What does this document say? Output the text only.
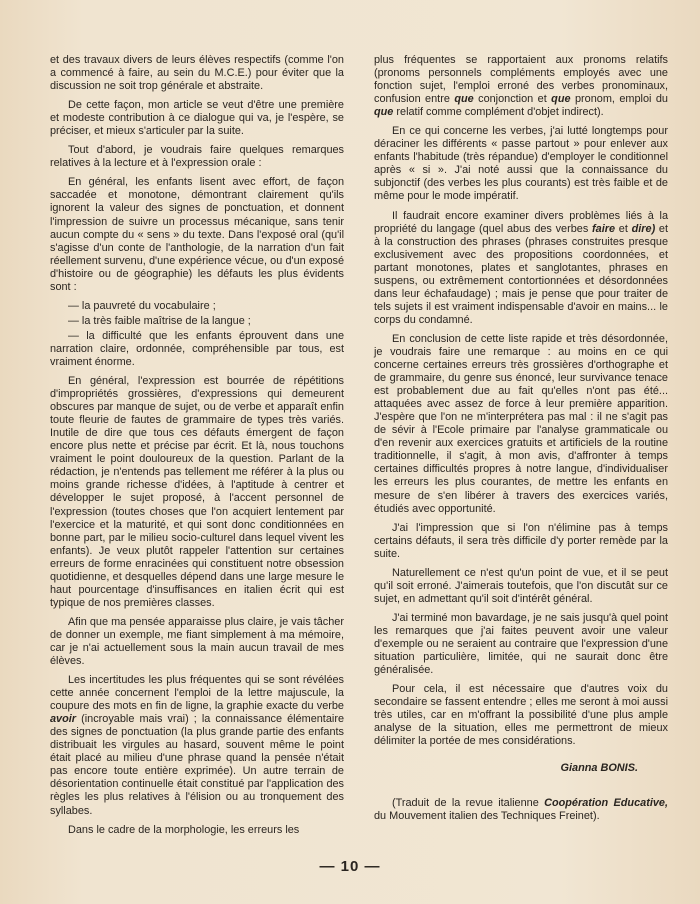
et des travaux divers de leurs élèves respectifs (comme l'on a commencé à faire, au sein du M.C.E.) pour éviter que la discussion ne soit trop générale et abstraite.

De cette façon, mon article se veut d'être une première et modeste contribution à ce dialogue qui va, je l'espère, se préciser, et mieux s'articuler par la suite.

Tout d'abord, je voudrais faire quelques remarques relatives à la lecture et à l'expression orale :

En général, les enfants lisent avec effort, de façon saccadée et monotone, démontrant clairement qu'ils ignorent la valeur des signes de ponctuation, et donnent l'impression de suivre un processus mécanique, sans tenir aucun compte du « sens » du texte. Dans l'exposé oral (qu'il s'agisse d'un conte de l'anthologie, de la narration d'un fait réellement survenu, d'une expérience vécue, ou d'un exposé d'histoire ou de géographie) les défauts les plus évidents sont :

— la pauvreté du vocabulaire ;
— la très faible maîtrise de la langue ;
— la difficulté que les enfants éprouvent dans une narration claire, ordonnée, compréhensible par tous, est vraiment énorme.

En général, l'expression est bourrée de répétitions d'impropriétés grossières, d'expressions qui demeurent obscures par manque de sujet, ou de verbe et apparaît enfin toute fleurie de fautes de grammaire de types très variés. Inutile de dire que tous ces défauts émergent de façon encore plus nette et précise par écrit. Et là, nous touchons vraiment le point douloureux de la question. Parlant de la rédaction, je n'entends pas tellement me référer à la plus ou moins grande richesse d'idées, à l'aptitude à centrer et développer le sujet proposé, à l'accent personnel de l'expression (toutes choses que l'on acquiert lentement par l'exercice et la maturité, et qui sont donc conditionnées en bonne part, par le milieu socio-culturel dans lequel vivent les enfants). Je veux plutôt rappeler l'attention sur certaines erreurs de forme enracinées qui constituent notre obsession quotidienne, et desquelles dépend dans une large mesure le haut pourcentage d'insuffisances en italien écrit qui est typique de nos premières classes.

Afin que ma pensée apparaisse plus claire, je vais tâcher de donner un exemple, me fiant simplement à ma mémoire, car je n'ai actuellement sous la main aucun travail de mes élèves.

Les incertitudes les plus fréquentes qui se sont révélées cette année concernent l'emploi de la lettre majuscule, la coupure des mots en fin de ligne, la graphie exacte du verbe avoir (incroyable mais vrai) ; la connaissance élémentaire des signes de ponctuation (la plus grande partie des enfants distribuait les virgules au hasard, souvent même le point était placé au milieu d'une phrase quand la pensée n'était pas encore toute entière exprimée). Un autre terrain de désorientation continuelle était constitué par l'application des règles les plus relatives à l'élision ou au tronquement des syllabes.

Dans le cadre de la morphologie, les erreurs les

plus fréquentes se rapportaient aux pronoms relatifs (pronoms personnels compléments employés avec une fonction sujet, l'emploi erroné des verbes pronominaux, confusion entre que conjonction et que pronom, emploi du que relatif comme complément d'objet indirect).

En ce qui concerne les verbes, j'ai lutté longtemps pour déraciner les différents « passe partout » pour enlever aux enfants l'habitude (très répandue) d'employer le conditionnel après « si ». J'ai noté aussi que la connaissance du subjonctif (des verbes les plus courants) est très faible et de même pour le mode impératif.

Il faudrait encore examiner divers problèmes liés à la propriété du langage (quel abus des verbes faire et dire) et à la construction des phrases (phrases construites presque exclusivement avec des propositions coordonnées, et partant monotones, plates et sanglotantes, phrases en suspens, ou extrêmement contortionnées et désordonnées dans leur échafaudage) ; mais je pense que pour traiter de tels sujets il est vraiment indispensable d'avoir en mains... le corps du condamné.

En conclusion de cette liste rapide et très désordonnée, je voudrais faire une remarque : au moins en ce qui concerne certaines erreurs très grossières d'orthographe et de grammaire, du genre sus énoncé, leur survivance tenace est probablement due au fait qu'elles n'ont pas été... attaquées avec assez de force à leur première apparition. J'espère que l'on ne m'interprétera pas mal : il ne s'agit pas de sévir à l'Ecole primaire par l'analyse grammaticale ou d'en revenir aux exercices gratuits et artificiels de la routine traditionnelle, il s'agit, à mon avis, d'affronter à temps certaines difficultés propres à notre langue, d'individualiser les erreurs les plus courantes, de mettre les enfants en mesure de s'en libérer à travers des exercices variés, étudiés avec opportunité.

J'ai l'impression que si l'on n'élimine pas à temps certains défauts, il sera très difficile d'y porter remède par la suite.

Naturellement ce n'est qu'un point de vue, et il se peut qu'il soit erroné. J'aimerais toutefois, que l'on discutât sur ce sujet, en admettant qu'il soit d'intérêt général.

J'ai terminé mon bavardage, je ne sais jusqu'à quel point les remarques que j'ai faites peuvent avoir une valeur d'exemple ou ne seraient au contraire que l'expression d'une situation particulière, limitée, qui ne saurait donc être généralisée.

Pour cela, il est nécessaire que d'autres voix du secondaire se fassent entendre ; elles me seront à moi aussi très utiles, car en m'offrant la possibilité d'une plus ample analyse de la situation, elles me permettront de mieux délimiter la portée de mes considérations.

Gianna BONIS.

(Traduit de la revue italienne Coopération Educative, du Mouvement italien des Techniques Freinet).

— 10 —
